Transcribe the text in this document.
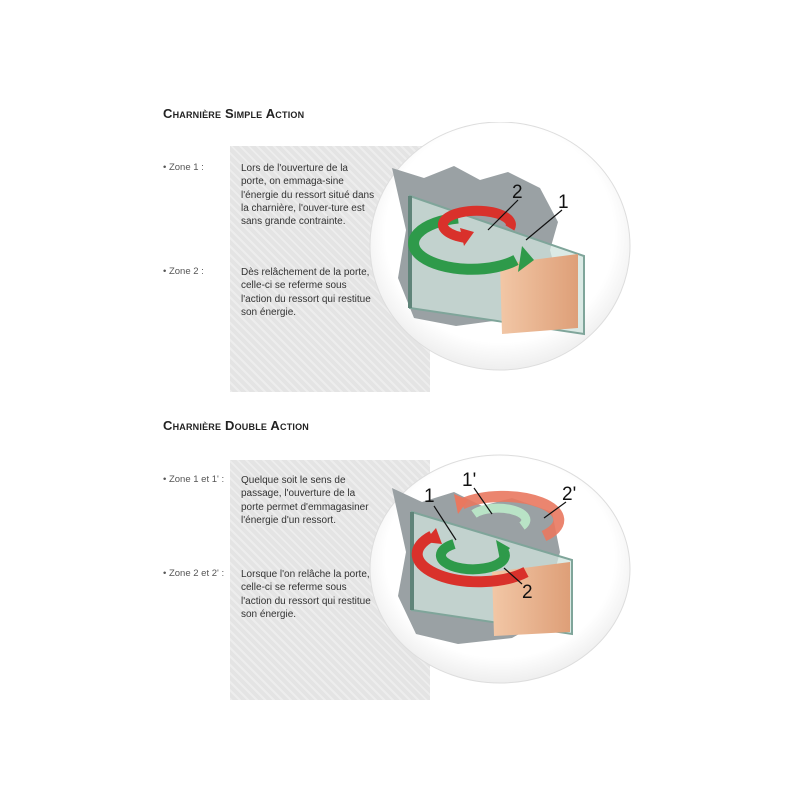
Charnière Simple Action
• Zone 1 :	Lors de l'ouverture de la porte, on emmaga-sine l'énergie du ressort situé dans la charnière, l'ouver-ture est sans grande contrainte.
• Zone 2 :	Dès relâchement de la porte, celle-ci se referme sous l'action du ressort qui restitue son énergie.
2 1
Charnière Double Action
• Zone 1 et 1' : Quelque soit le sens de passage, l'ouverture de la porte permet d'emmagasiner l'énergie d'un ressort.
• Zone 2 et 2' : Lorsque l'on relâche la porte, celle-ci se referme sous l'action du ressort qui restitue son énergie.
1
1'
2'
2
